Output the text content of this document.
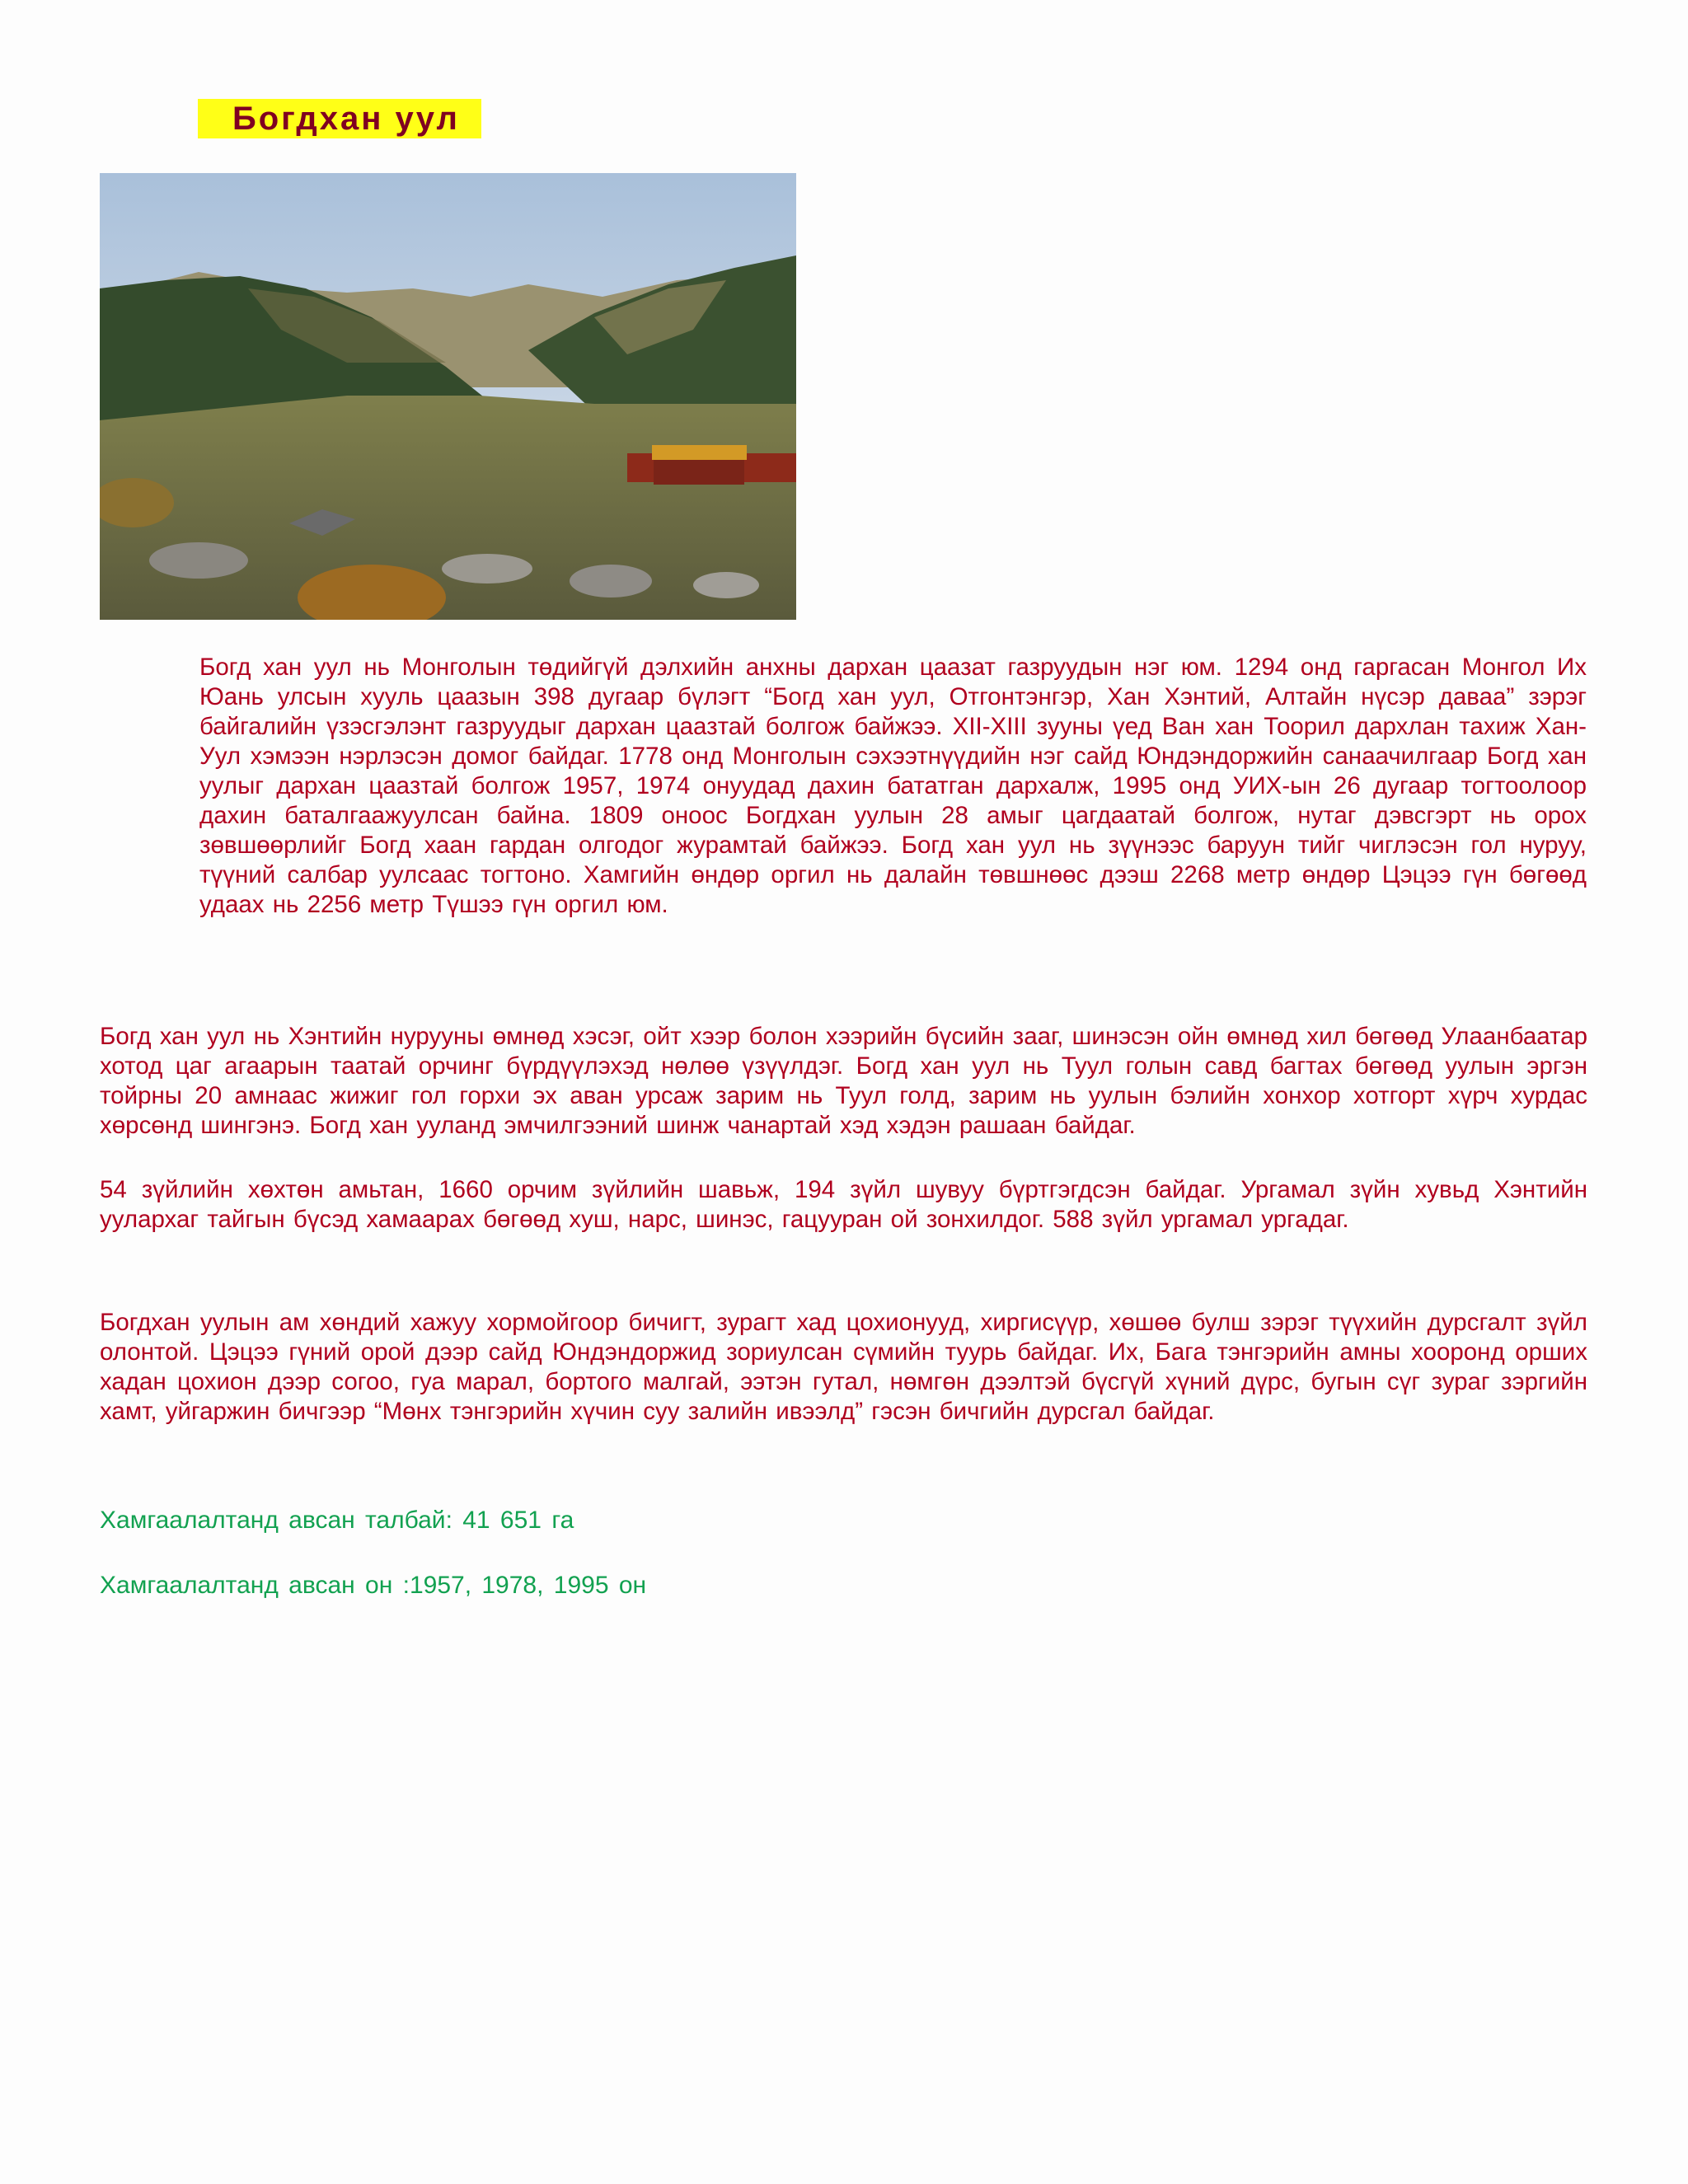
Богдхан уул

Богд хан уул нь Монголын төдийгүй дэлхийн анхны дархан цаазат газруудын нэг юм. 1294 онд гаргасан Монгол Их Юань улсын хууль цаазын 398 дугаар бүлэгт “Богд хан уул, Отгонтэнгэр, Хан Хэнтий, Алтайн нүсэр даваа” зэрэг байгалийн үзэсгэлэнт газруудыг дархан цаазтай болгож байжээ. XII-XIII зууны үед Ван хан Тоорил дархлан тахиж Хан- Уул хэмээн нэрлэсэн домог байдаг. 1778 онд Монголын сэхээтнүүдийн нэг сайд Юндэндоржийн санаачилгаар Богд хан уулыг дархан цаазтай болгож 1957, 1974 онуудад дахин бататган дархалж, 1995 онд УИХ-ын 26 дугаар тогтоолоор дахин баталгаажуулсан байна. 1809 оноос Богдхан уулын 28 амыг цагдаатай болгож, нутаг дэвсгэрт нь орох зөвшөөрлийг Богд хаан гардан олгодог журамтай байжээ. Богд хан уул нь зүүнээс баруун тийг чиглэсэн гол нуруу, түүний салбар уулсаас тогтоно. Хамгийн өндөр оргил нь далайн төвшнөөс дээш 2268 метр өндөр Цэцээ гүн бөгөөд удаах нь 2256 метр Түшээ гүн оргил юм.

Богд хан уул нь Хэнтийн нурууны өмнөд хэсэг, ойт хээр болон хээрийн бүсийн зааг, шинэсэн ойн өмнөд хил бөгөөд Улаанбаатар хотод цаг агаарын таатай орчинг бүрдүүлэхэд нөлөө үзүүлдэг. Богд хан уул нь Туул голын савд багтах бөгөөд уулын эргэн тойрны 20 амнаас жижиг гол горхи эх аван урсаж зарим нь Туул голд, зарим нь уулын бэлийн хонхор хотгорт хүрч хурдас хөрсөнд шингэнэ. Богд хан ууланд эмчилгээний шинж чанартай хэд хэдэн рашаан байдаг.

54 зүйлийн хөхтөн амьтан, 1660 орчим зүйлийн шавьж, 194 зүйл шувуу бүртгэгдсэн байдаг. Ургамал зүйн хувьд Хэнтийн уулархаг тайгын бүсэд хамаарах бөгөөд хуш, нарс, шинэс, гацууран ой зонхилдог. 588 зүйл ургамал ургадаг.

Богдхан уулын ам хөндий хажуу хормойгоор бичигт, зурагт хад цохионууд, хиргисүүр, хөшөө булш зэрэг түүхийн дурсгалт зүйл олонтой. Цэцээ гүний орой дээр сайд Юндэндоржид зориулсан сүмийн туурь байдаг. Их, Бага тэнгэрийн амны хооронд орших хадан цохион дээр согоо, гуа марал, бортого малгай, ээтэн гутал, нөмгөн дээлтэй бүсгүй хүний дүрс, бугын сүг зураг зэргийн хамт, уйгаржин бичгээр “Мөнх тэнгэрийн хүчин суу залийн ивээлд” гэсэн бичгийн дурсгал байдаг.

Хамгаалалтанд авсан талбай: 41 651 га

Хамгаалалтанд авсан он :1957, 1978, 1995 он
